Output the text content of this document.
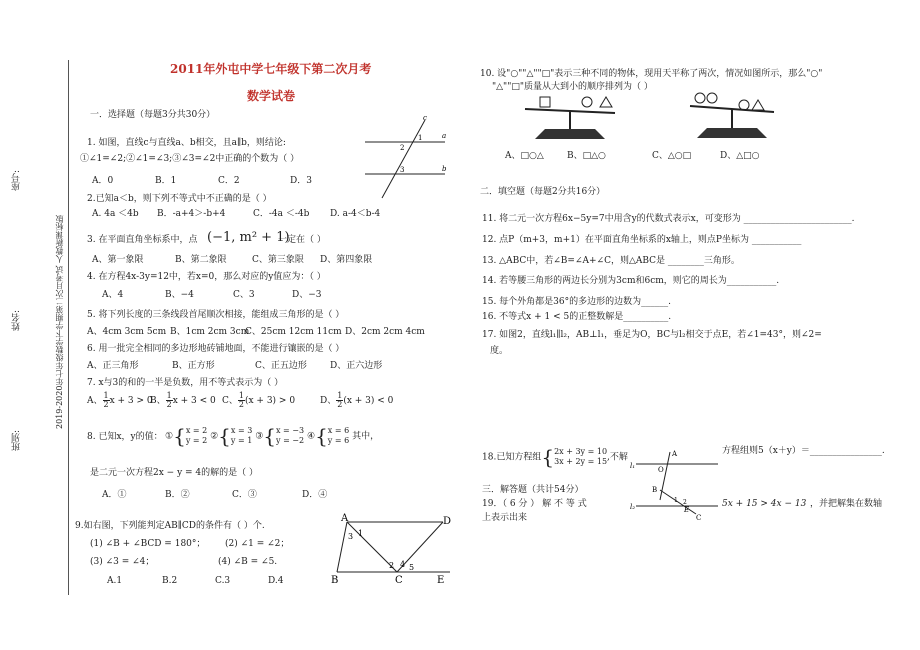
座号:
姓名:
班别:
2019-2020年七年级数学下学期第二次月考试 人教新课标版
2011年外屯中学七年级下第二次月考
数学试卷
一．选择题（每题3分共30分）
1. 如图，直线c与直线a、b相交，且a∥b，则结论:
①∠1=∠2;②∠1=∠3;③∠3=∠2中正确的个数为（ ）
A．0	B．1	C．2	D．3
a
b
c
1
2
3
2.已知a＜b，则下列不等式中不正确的是（ ）
A. 4a ＜4b B．-a+4＞-b+4	C．-4a ＜-4b D. a-4＜b-4
3. 在平面直角坐标系中，点 (−1, m² + 1)
一定在（ ）
A、第一象限	B、第二象限	C、第三象限 D、第四象限
4. 在方程4x-3y=12中，若x=0，那么对应的y值应为：（ ）
A、4	B、−4	C、3	D、−3
5. 将下列长度的三条线段首尾顺次相接，能组成三角形的是（ ）
A、4cm 3cm 5cm B、1cm 2cm 3cm
C、25cm 12cm 11cm D、2cm 2cm 4cm
6. 用一批完全相同的多边形地砖铺地面，不能进行镶嵌的是（ ）
A、正三角形	B、正方形	C、正五边形	D、正六边形
7. x与3的和的一半是负数，用不等式表示为（ ）
A、 $\frac{1}{2}$ x + 3 > 0
B、 $\frac{1}{2}$ x + 3 < 0 C、 $\frac{1}{2} (x + 3) > 0$	D、 $\frac{1}{2} (x + 3) < 0$
8. 已知x，y的值： ①{x = 2
y = 2 ②{x = 3
y = 1 ③{x = −3
y = −2 ④{x = 6
y = 6 其中，
是二元一次方程2x − y = 4的解的是（ ）
A．①	B．②	C．③	D．④
9.如右图，下列能判定AB∥CD的条件有（ ）个.
(1) ∠B + ∠BCD = 180°； (2) ∠1 = ∠2；
(3) ∠3 = ∠4；	(4) ∠B = ∠5.
A.1	B.2	C.3	D.4
A	D
B	C	E
1
2
3
4 5
10. 设"○""△""□"表示三种不同的物体，现用天平称了两次，情况如图所示，那么"○"
"△""□"质量从大到小的顺序排列为（ ）
A、□○△	B、□△○	C、△○□	D、△□○
二．填空题（每题2分共16分）
11. 将二元一次方程6x−5y=7中用含y的代数式表示x，可变形为 ________________________.
12. 点P（m+3，m+1）在平面直角坐标系的x轴上，则点P坐标为 ___________
13. △ABC中，若∠B=∠A+∠C，则△ABC是 ________三角形。
14. 若等腰三角形的两边长分别为3cm和6cm，则它的周长为___________.
15. 每个外角都是36°的多边形的边数为______.
16. 不等式x + 1 < 5的正整数解是__________.
17. 如图2，直线l₁∥l₂，AB⊥l₁，垂足为O，BC与l₂相交于点E，若∠1=43°，则∠2=
度。
l₁
l₂
A
O
B
C
E
1 2
18.已知方程组{2x + 3y = 10
3x + 2y = 15,不解
方程组则5（x＋y）＝________________.
三．解答题（共计54分）
19．（ 6 分 ） 解 不 等 式	5x + 15 > 4x − 13 ，并把解集在数轴
上表示出来
